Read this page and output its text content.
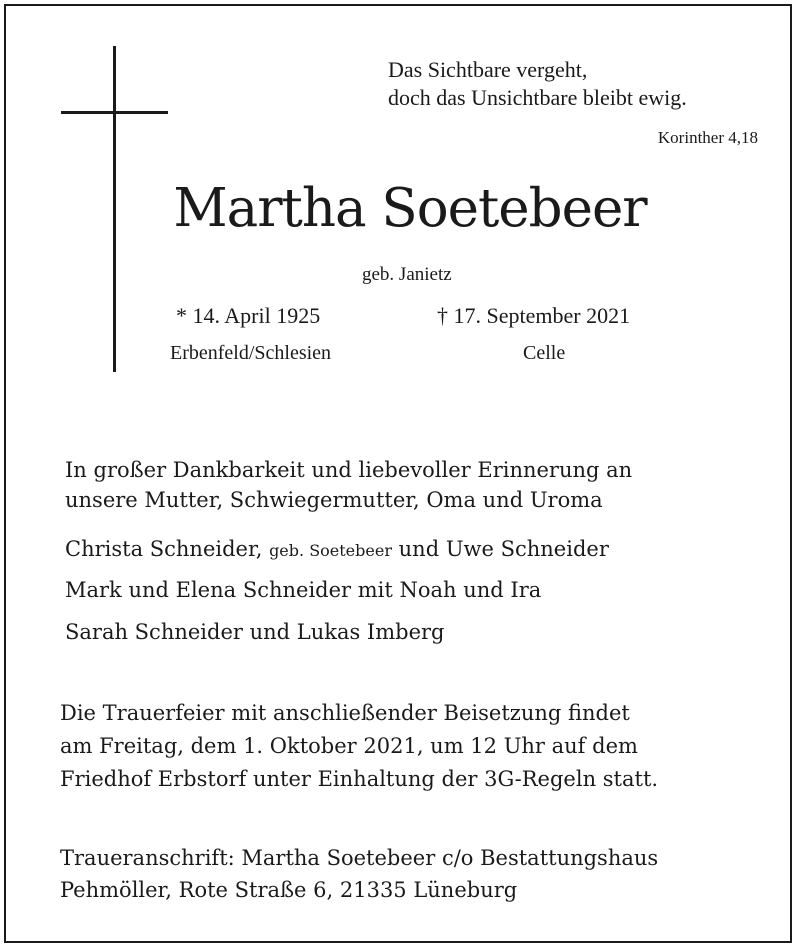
Das Sichtbare vergeht,
doch das Unsichtbare bleibt ewig.
Korinther 4,18
Martha Soetebeer
geb. Janietz
* 14. April 1925	† 17. September 2021
Erbenfeld/Schlesien	Celle
In großer Dankbarkeit und liebevoller Erinnerung an
unsere Mutter, Schwiegermutter, Oma und Uroma
Christa Schneider, geb. Soetebeer und Uwe Schneider
Mark und Elena Schneider mit Noah und Ira
Sarah Schneider und Lukas Imberg
Die Trauerfeier mit anschließender Beisetzung findet
am Freitag, dem 1. Oktober 2021, um 12 Uhr auf dem
Friedhof Erbstorf unter Einhaltung der 3G-Regeln statt.
Traueranschrift: Martha Soetebeer c/o Bestattungshaus
Pehmöller, Rote Straße 6, 21335 Lüneburg
